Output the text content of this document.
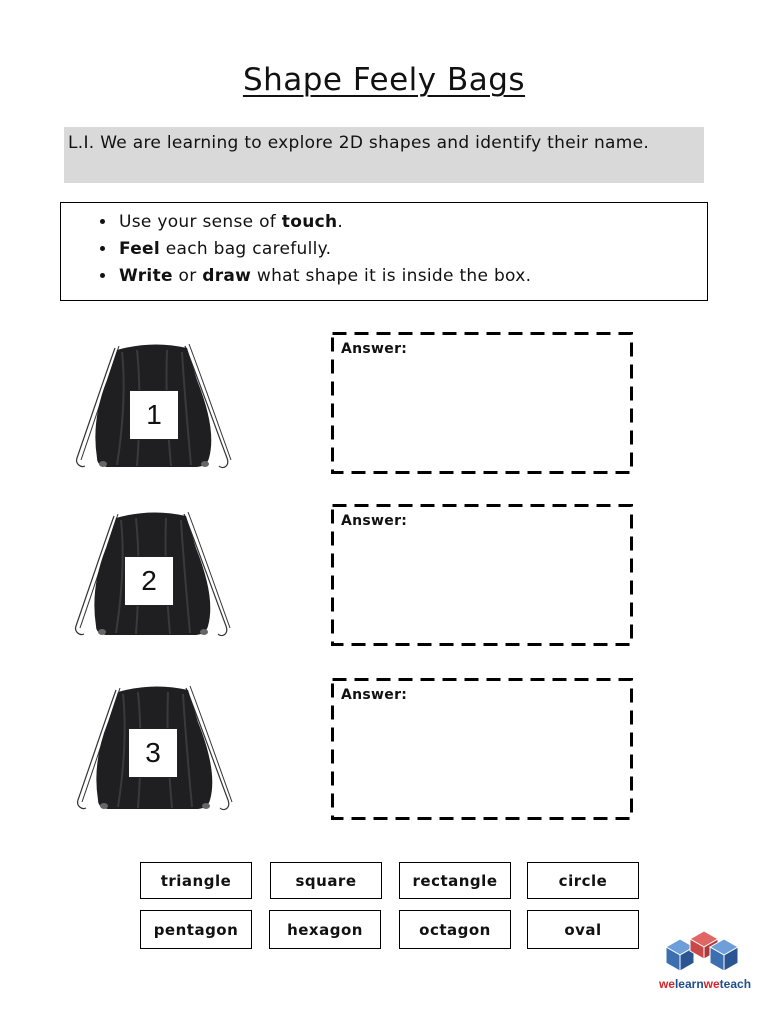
Shape Feely Bags
L.I. We are learning to explore 2D shapes and identify their name.
• Use your sense of touch.
• Feel each bag carefully.
• Write or draw what shape it is inside the box.
1
2
3
Answer:
Answer:
Answer:
triangle	square	rectangle	circle
pentagon	hexagon	octagon	oval
welearnweteach
